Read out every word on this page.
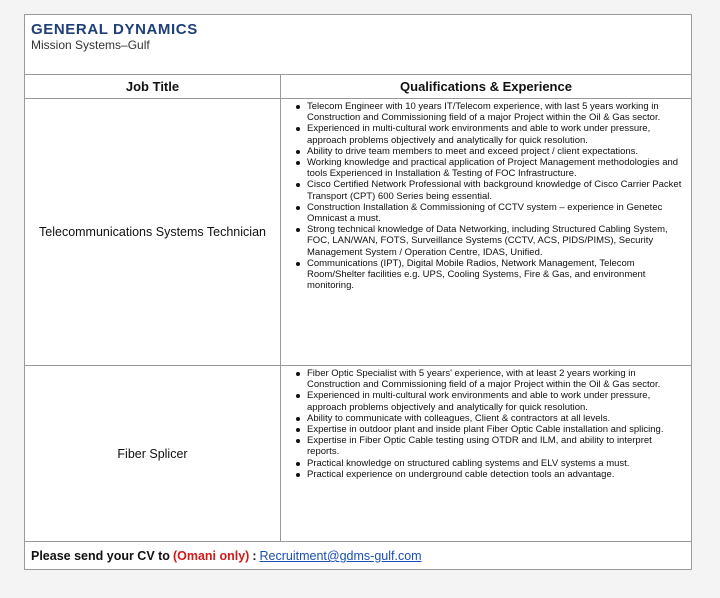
GENERAL DYNAMICS
Mission Systems–Gulf
Job Title	Qualifications & Experience
Telecommunications Systems Technician
Telecom Engineer with 10 years IT/Telecom experience, with last 5 years working in Construction and Commissioning field of a major Project within the Oil & Gas sector.
Experienced in multi-cultural work environments and able to work under pressure, approach problems objectively and analytically for quick resolution.
Ability to drive team members to meet and exceed project / client expectations.
Working knowledge and practical application of Project Management methodologies and tools Experienced in Installation & Testing of FOC Infrastructure.
Cisco Certified Network Professional with background knowledge of Cisco Carrier Packet Transport (CPT) 600 Series being essential.
Construction Installation & Commissioning of CCTV system – experience in Genetec Omnicast a must.
Strong technical knowledge of Data Networking, including Structured Cabling System, FOC, LAN/WAN, FOTS, Surveillance Systems (CCTV, ACS, PIDS/PIMS), Security Management System / Operation Centre, IDAS, Unified.
Communications (IPT), Digital Mobile Radios, Network Management, Telecom Room/Shelter facilities e.g. UPS, Cooling Systems, Fire & Gas, and environment monitoring.
Fiber Splicer
Fiber Optic Specialist with 5 years' experience, with at least 2 years working in Construction and Commissioning field of a major Project within the Oil & Gas sector.
Experienced in multi-cultural work environments and able to work under pressure, approach problems objectively and analytically for quick resolution.
Ability to communicate with colleagues, Client & contractors at all levels.
Expertise in outdoor plant and inside plant Fiber Optic Cable installation and splicing.
Expertise in Fiber Optic Cable testing using OTDR and ILM, and ability to interpret reports.
Practical knowledge on structured cabling systems and ELV systems a must.
Practical experience on underground cable detection tools an advantage.
Please send your CV to (Omani only) : Recruitment@gdms-gulf.com
